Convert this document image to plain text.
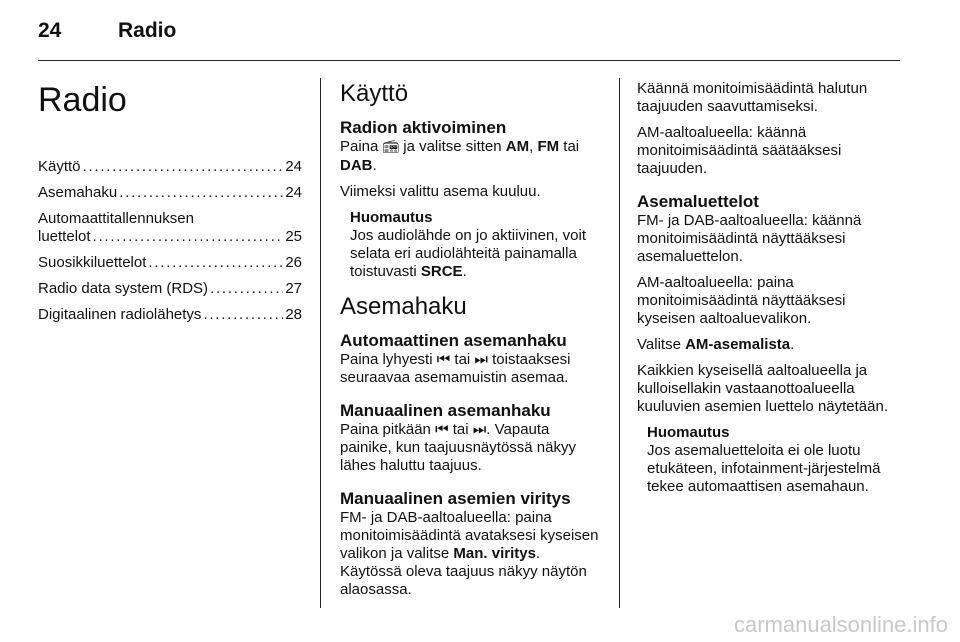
24	Radio
Radio
Käyttö . . .	24
Asemahaku . . .	24
Automaattitallennuksen
luettelot . . .	25
Suosikkiluettelot . . .	26
Radio data system (RDS) . . .	27
Digitaalinen radiolähetys . . .	28
Käyttö
Radion aktivoiminen

Paina 📻︎ ja valitse sitten AM, FM tai DAB.

Viimeksi valittu asema kuuluu.

Huomautus
Jos audiolähde on jo aktiivinen, voit selata eri audiolähteitä painamalla toistuvasti SRCE.
Asemahaku
Automaattinen asemanhaku
Paina lyhyesti ⏮ tai ⏭ toistaaksesi seuraavaa asemamuistin asemaa.
Manuaalinen asemanhaku
Paina pitkään ⏮ tai ⏭. Vapauta painike, kun taajuusnäytössä näkyy lähes haluttu taajuus.
Manuaalinen asemien viritys
FM- ja DAB-aaltoalueella: paina monitoimisäädintä avataksesi kyseisen valikon ja valitse Man. viritys. Käytössä oleva taajuus näkyy näytön alaosassa.

Käännä monitoimisäädintä halutun taajuuden saavuttamiseksi.

AM-aaltoalueella: käännä monitoimisäädintä säätääksesi taajuuden.

Asemaluettelot

FM- ja DAB-aaltoalueella: käännä monitoimisäädintä näyttääksesi asemaluettelon.

AM-aaltoalueella: paina monitoimisäädintä näyttääksesi kyseisen aaltoaluevalikon.

Valitse AM-asemalista.

Kaikkien kyseisellä aaltoalueella ja kulloisellakin vastaanottoalueella kuuluvien asemien luettelo näytetään.

Huomautus
Jos asemaluetteloita ei ole luotu etukäteen, infotainment-järjestelmä tekee automaattisen asemahaun.
carmanualsonline.info
